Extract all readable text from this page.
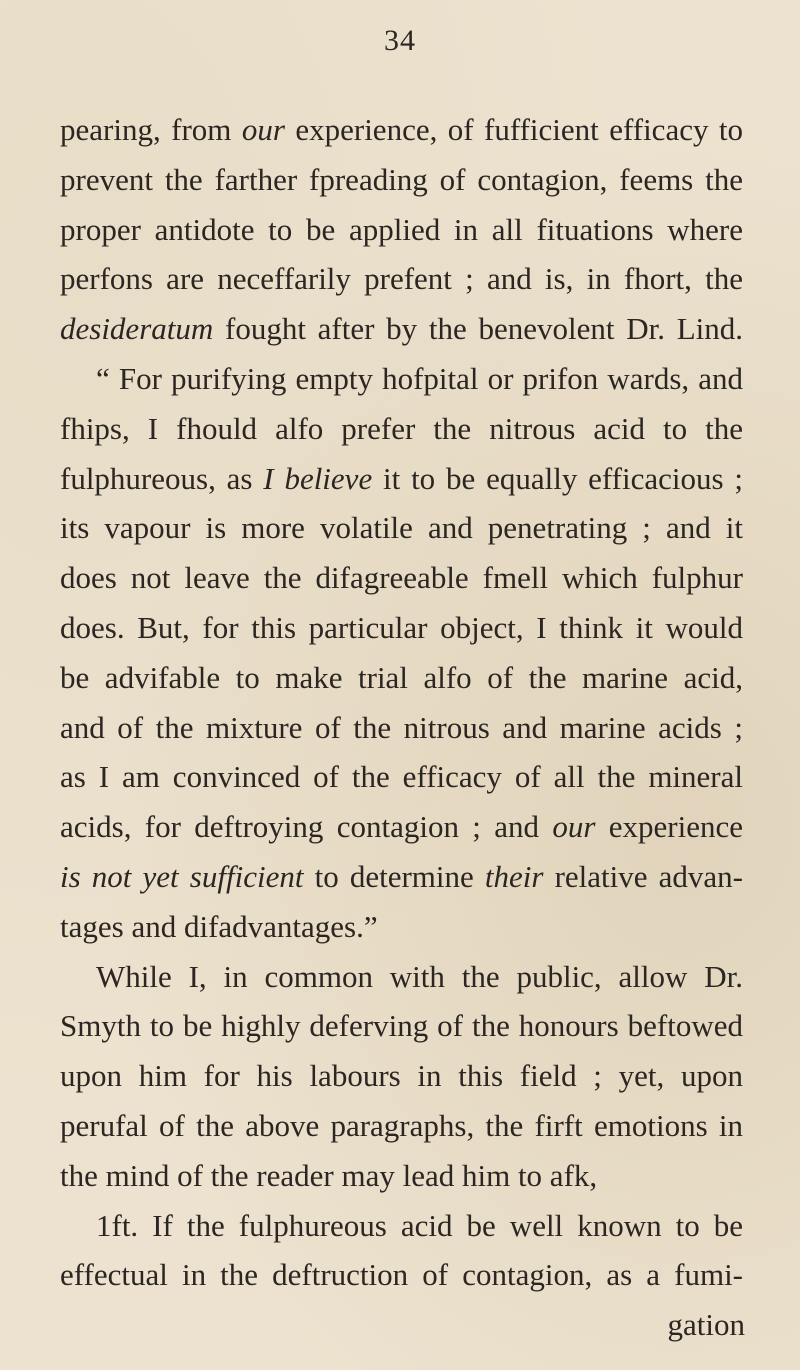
34
pearing, from our experience, of fufficient efficacy to
prevent the farther fpreading of contagion, feems the
proper antidote to be applied in all fituations where
perfons are neceffarily prefent ; and is, in fhort, the
desideratum fought after by the benevolent Dr. Lind.
“ For purifying empty hofpital or prifon wards, and
fhips, I fhould alfo prefer the nitrous acid to the
fulphureous, as I believe it to be equally efficacious ;
its vapour is more volatile and penetrating ; and it
does not leave the difagreeable fmell which fulphur
does. But, for this particular object, I think it would
be advifable to make trial alfo of the marine acid,
and of the mixture of the nitrous and marine acids ;
as I am convinced of the efficacy of all the mineral
acids, for deftroying contagion ; and our experience
is not yet sufficient to determine their relative advan-
tages and difadvantages.”
While I, in common with the public, allow Dr.
Smyth to be highly deferving of the honours beftowed
upon him for his labours in this field ; yet, upon
perufal of the above paragraphs, the firft emotions in
the mind of the reader may lead him to afk,
1ft. If the fulphureous acid be well known to be
effectual in the deftruction of contagion, as a fumi-
gation
